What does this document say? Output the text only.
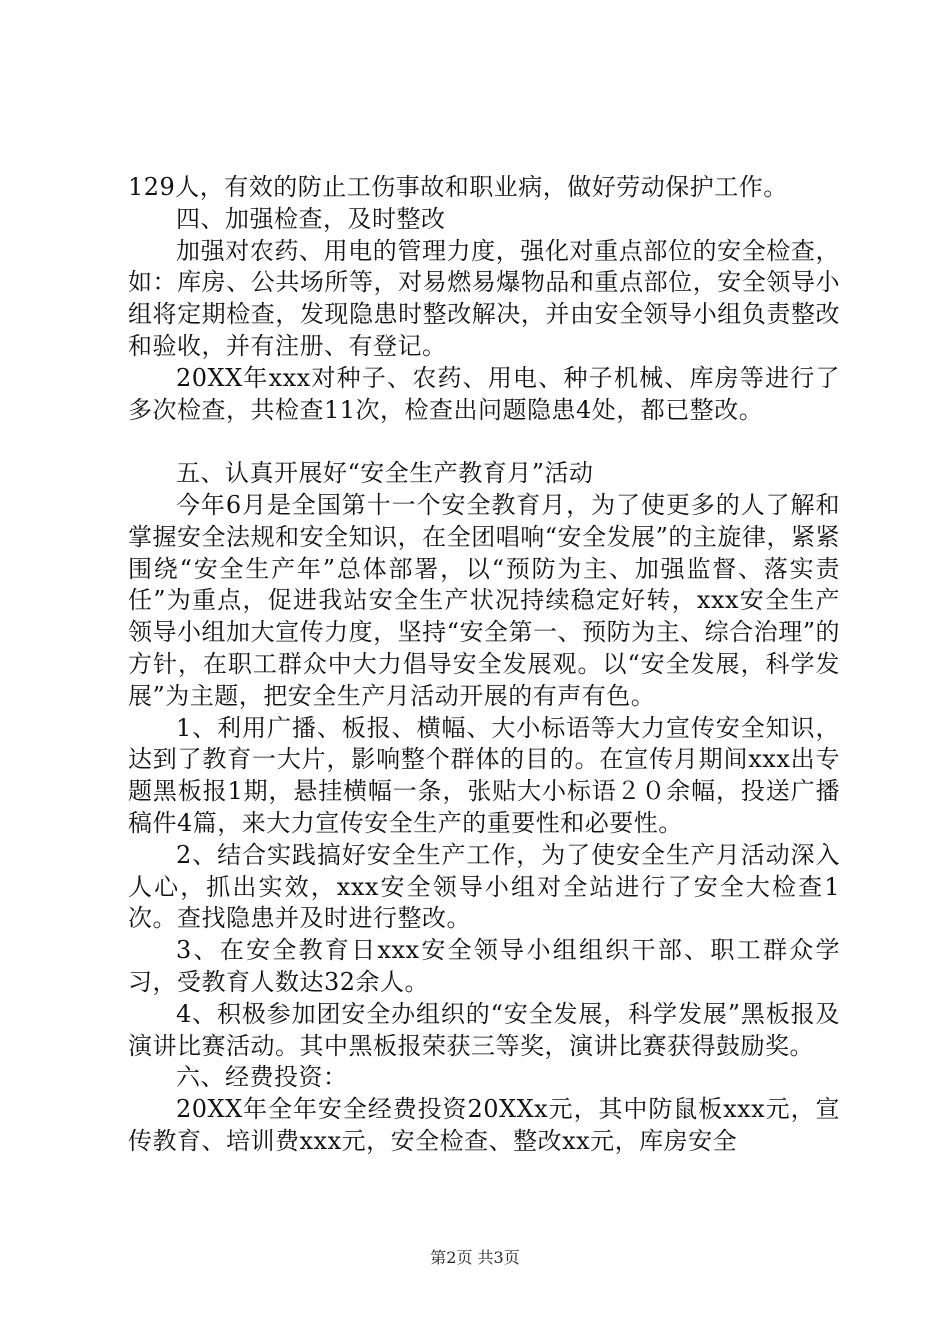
129人，有效的防止工伤事故和职业病，做好劳动保护工作。

四、加强检查，及时整改

加强对农药、用电的管理力度，强化对重点部位的安全检查，如：库房、公共场所等，对易燃易爆物品和重点部位，安全领导小组将定期检查，发现隐患时整改解决，并由安全领导小组负责整改和验收，并有注册、有登记。

20XX年xxx对种子、农药、用电、种子机械、库房等进行了多次检查，共检查11次，检查出问题隐患4处，都已整改。

五、认真开展好“安全生产教育月”活动

今年6月是全国第十一个安全教育月，为了使更多的人了解和掌握安全法规和安全知识，在全团唱响“安全发展”的主旋律，紧紧围绕“安全生产年”总体部署，以“预防为主、加强监督、落实责任”为重点，促进我站安全生产状况持续稳定好转，xxx安全生产领导小组加大宣传力度，坚持“安全第一、预防为主、综合治理”的方针，在职工群众中大力倡导安全发展观。以“安全发展，科学发展”为主题，把安全生产月活动开展的有声有色。

1、利用广播、板报、横幅、大小标语等大力宣传安全知识，达到了教育一大片，影响整个群体的目的。在宣传月期间xxx出专题黑板报1期，悬挂横幅一条，张贴大小标语２０余幅，投送广播稿件4篇，来大力宣传安全生产的重要性和必要性。

2、结合实践搞好安全生产工作，为了使安全生产月活动深入人心，抓出实效，xxx安全领导小组对全站进行了安全大检查1次。查找隐患并及时进行整改。

3、在安全教育日xxx安全领导小组组织干部、职工群众学习，受教育人数达32余人。

4、积极参加团安全办组织的“安全发展，科学发展”黑板报及演讲比赛活动。其中黑板报荣获三等奖，演讲比赛获得鼓励奖。

六、经费投资：

20XX年全年安全经费投资20XXx元，其中防鼠板xxx元，宣传教育、培训费xxx元，安全检查、整改xx元，库房安全

第2页 共3页
